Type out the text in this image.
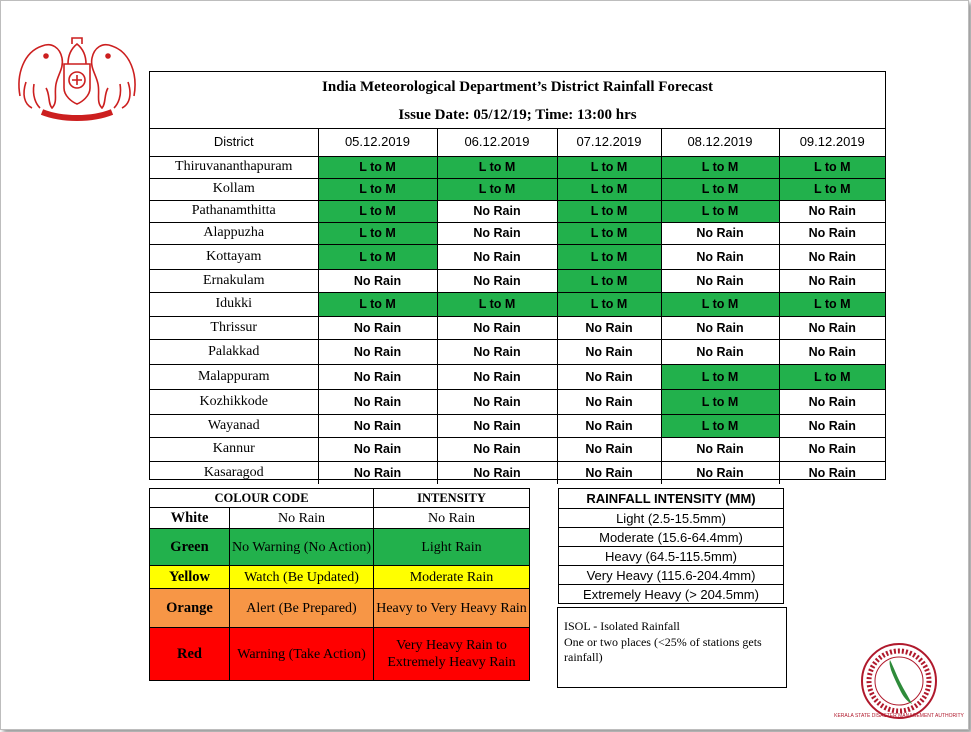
India Meteorological Department’s District Rainfall Forecast
Issue Date: 05/12/19; Time: 13:00 hrs
District	05.12.2019	06.12.2019	07.12.2019	08.12.2019	09.12.2019
Thiruvananthapuram	L to M	L to M	L to M	L to M	L to M
Kollam	L to M	L to M	L to M	L to M	L to M
Pathanamthitta	L to M	No Rain	L to M	L to M	No Rain
Alappuzha	L to M	No Rain	L to M	No Rain	No Rain
Kottayam	L to M	No Rain	L to M	No Rain	No Rain
Ernakulam	No Rain	No Rain	L to M	No Rain	No Rain
Idukki	L to M	L to M	L to M	L to M	L to M
Thrissur	No Rain	No Rain	No Rain	No Rain	No Rain
Palakkad	No Rain	No Rain	No Rain	No Rain	No Rain
Malappuram	No Rain	No Rain	No Rain	L to M	L to M
Kozhikkode	No Rain	No Rain	No Rain	L to M	No Rain
Wayanad	No Rain	No Rain	No Rain	L to M	No Rain
Kannur	No Rain	No Rain	No Rain	No Rain	No Rain
Kasaragod	No Rain	No Rain	No Rain	No Rain	No Rain
COLOUR CODE		INTENSITY
White	No Rain	No Rain
Green	No Warning (No Action)	Light Rain
Yellow	Watch (Be Updated)	Moderate Rain
Orange	Alert (Be Prepared)	Heavy to Very Heavy Rain
Red	Warning (Take Action)	Very Heavy Rain to Extremely Heavy Rain
RAINFALL INTENSITY (MM)
Light (2.5-15.5mm)
Moderate (15.6-64.4mm)
Heavy (64.5-115.5mm)
Very Heavy (115.6-204.4mm)
Extremely Heavy (> 204.5mm)
ISOL - Isolated Rainfall
One or two places (<25% of stations gets rainfall)
KERALA STATE DISASTER MANAGEMENT AUTHORITY
